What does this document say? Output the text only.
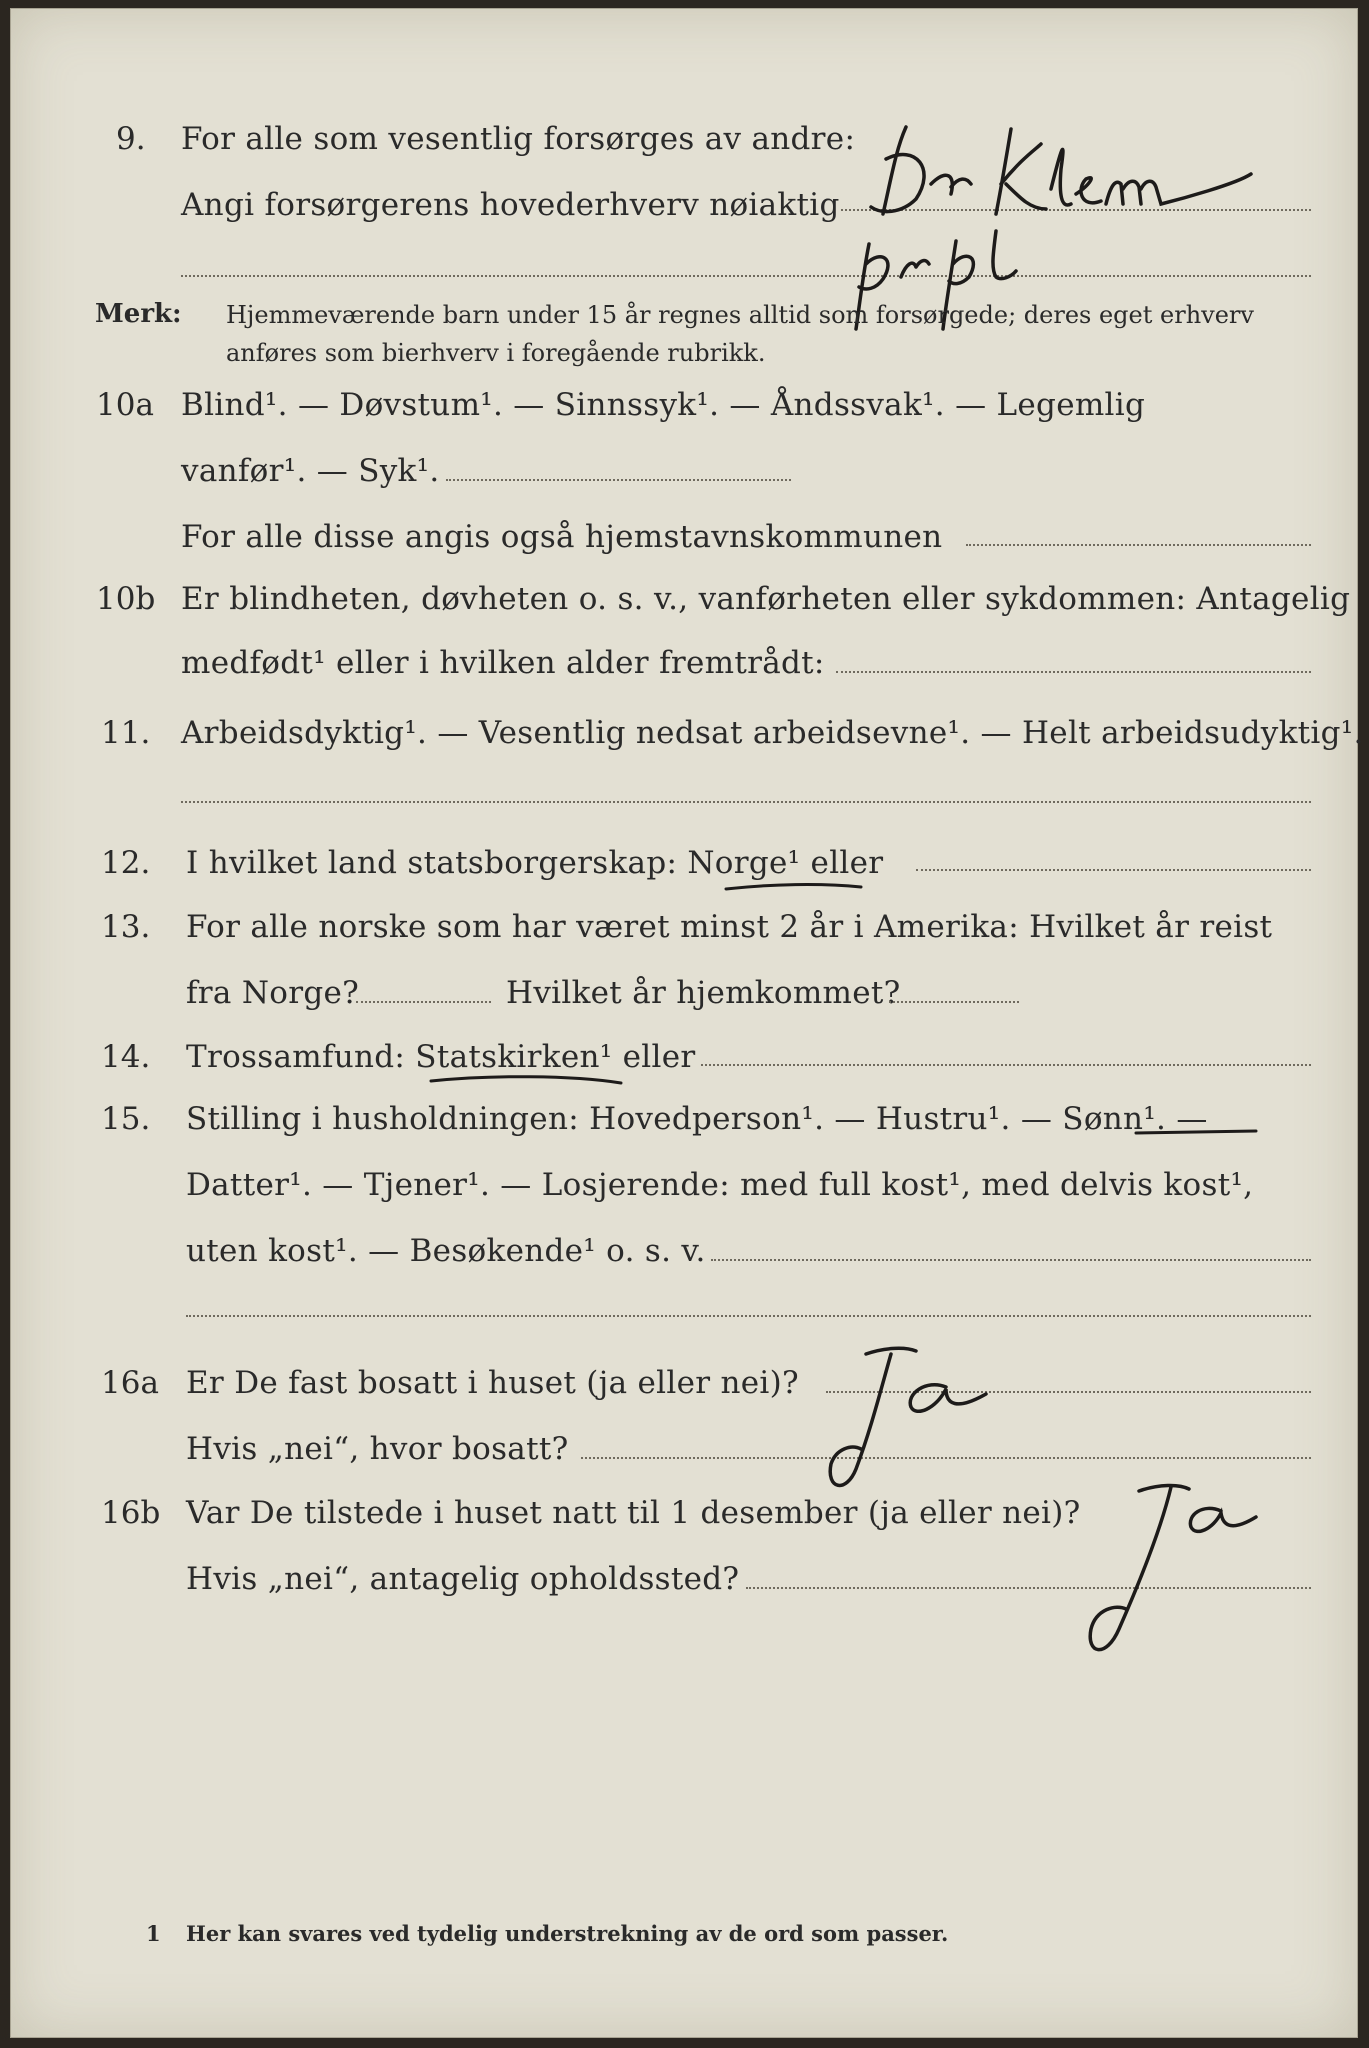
9. For alle som vesentlig forsørges av andre:
Angi forsørgerens hovederhverv nøiaktig
Merk: Hjemmeværende barn under 15 år regnes alltid som forsørgede; deres eget erhverv
anføres som bierhverv i foregående rubrikk.
10a Blind¹. — Døvstum¹. — Sinnssyk¹. — Åndssvak¹. — Legemlig
vanfør¹. — Syk¹.
For alle disse angis også hjemstavnskommunen
10b Er blindheten, døvheten o. s. v., vanførheten eller sykdommen: Antagelig
medfødt¹ eller i hvilken alder fremtrådt:
11. Arbeidsdyktig¹. — Vesentlig nedsat arbeidsevne¹. — Helt arbeidsudyktig¹.
12. I hvilket land statsborgerskap: Norge¹ eller
13. For alle norske som har været minst 2 år i Amerika: Hvilket år reist
fra Norge?	Hvilket år hjemkommet?
14. Trossamfund: Statskirken¹ eller
15. Stilling i husholdningen: Hovedperson¹. — Hustru¹. — Sønn¹. —
Datter¹. — Tjener¹. — Losjerende: med full kost¹, med delvis kost¹,
uten kost¹. — Besøkende¹ o. s. v.
16a Er De fast bosatt i huset (ja eller nei)?
Hvis „nei“, hvor bosatt?
16b Var De tilstede i huset natt til 1 desember (ja eller nei)?
Hvis „nei“, antagelig opholdssted?
1 Her kan svares ved tydelig understrekning av de ord som passer.
